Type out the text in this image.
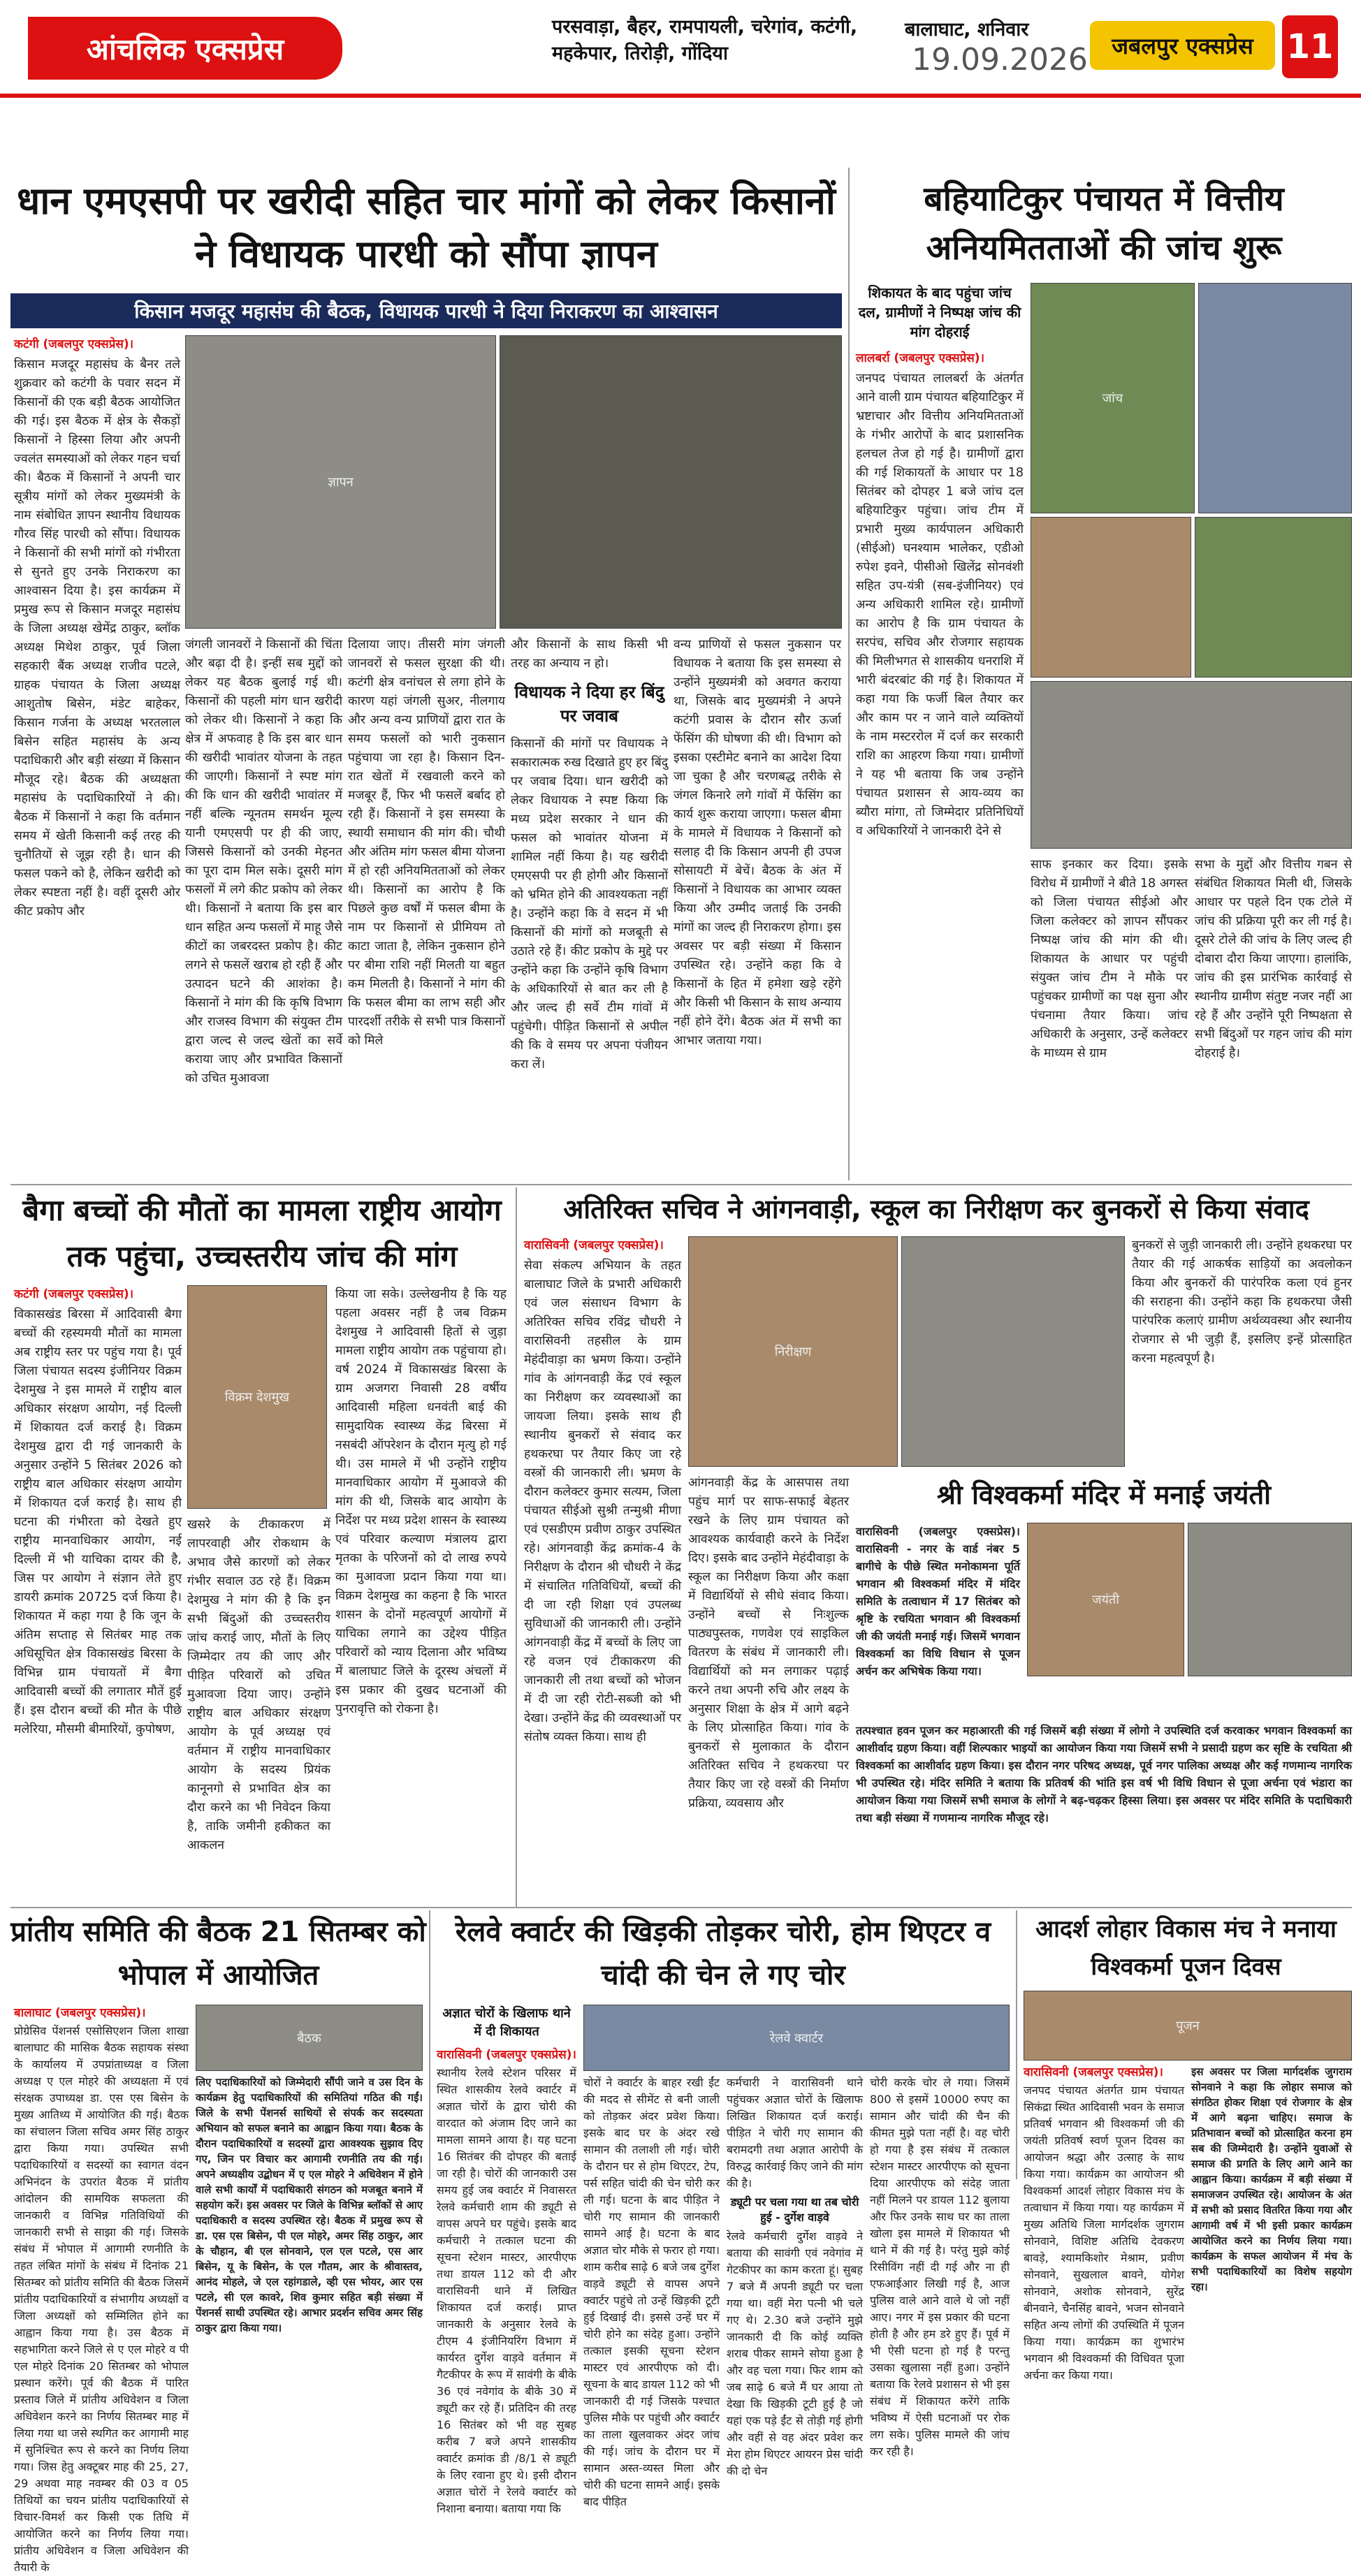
आंचलिक एक्सप्रेस
परसवाड़ा, बैहर, रामपायली, चरेगांव, कटंगी, महकेपार, तिरोड़ी, गोंदिया
बालाघाट, शनिवार
19.09.2026	जबलपुर एक्सप्रेस 11
धान एमएसपी पर खरीदी सहित चार मांगों को लेकर किसानों ने विधायक पारधी को सौंपा ज्ञापन
किसान मजदूर महासंघ की बैठक, विधायक पारधी ने दिया निराकरण का आश्वासन
कटंगी (जबलपुर एक्सप्रेस)।
किसान मजदूर महासंघ के बैनर तले शुक्रवार को कटंगी के पवार सदन में किसानों की एक बड़ी बैठक आयोजित की गई। इस बैठक में क्षेत्र के सैकड़ों किसानों ने हिस्सा लिया और अपनी ज्वलंत समस्याओं को लेकर गहन चर्चा की। बैठक में किसानों ने अपनी चार सूत्रीय मांगों को लेकर मुख्यमंत्री के नाम संबोधित ज्ञापन स्थानीय विधायक गौरव सिंह पारधी को सौंपा। विधायक ने किसानों की सभी मांगों को गंभीरता से सुनते हुए उनके निराकरण का आश्वासन दिया है। इस कार्यक्रम में प्रमुख रूप से किसान मजदूर महासंघ के जिला अध्यक्ष खेमेंद्र ठाकुर, ब्लॉक अध्यक्ष मिथेश ठाकुर, पूर्व जिला सहकारी बैंक अध्यक्ष राजीव पटले, ग्राहक पंचायत के जिला अध्यक्ष आशुतोष बिसेन, मंडेट बाहेकर, किसान गर्जना के अध्यक्ष भरतलाल बिसेन सहित महासंघ के अन्य पदाधिकारी और बड़ी संख्या में किसान मौजूद रहे। बैठक की अध्यक्षता महासंघ के पदाधिकारियों ने की। बैठक में किसानों ने कहा कि वर्तमान समय में खेती किसानी कई तरह की चुनौतियों से जूझ रही है। धान की फसल पकने को है, लेकिन खरीदी को लेकर स्पष्टता नहीं है। वहीं दूसरी ओर कीट प्रकोप और
ज्ञापन
जंगली जानवरों ने किसानों की चिंता और बढ़ा दी है। इन्हीं सब मुद्दों को लेकर यह बैठक बुलाई गई थी। किसानों की पहली मांग धान खरीदी को लेकर थी। किसानों ने कहा कि क्षेत्र में अफवाह है कि इस बार धान की खरीदी भावांतर योजना के तहत की जाएगी। किसानों ने स्पष्ट मांग की कि धान की खरीदी भावांतर में नहीं बल्कि न्यूनतम समर्थन मूल्य यानी एमएसपी पर ही की जाए, जिससे किसानों को उनकी मेहनत का पूरा दाम मिल सके। दूसरी मांग फसलों में लगे कीट प्रकोप को लेकर थी। किसानों ने बताया कि इस बार धान सहित अन्य फसलों में माहू जैसे कीटों का जबरदस्त प्रकोप है। कीट लगने से फसलें खराब हो रही हैं और उत्पादन घटने की आशंका है। किसानों ने मांग की कि कृषि विभाग और राजस्व विभाग की संयुक्त टीम द्वारा जल्द से जल्द खेतों का सर्वे कराया जाए और प्रभावित किसानों को उचित मुआवजा
दिलाया जाए। तीसरी मांग जंगली जानवरों से फसल सुरक्षा की थी। कटंगी क्षेत्र वनांचल से लगा होने के कारण यहां जंगली सुअर, नीलगाय और अन्य वन्य प्राणियों द्वारा रात के समय फसलों को भारी नुकसान पहुंचाया जा रहा है। किसान दिन-रात खेतों में रखवाली करने को मजबूर हैं, फिर भी फसलें बर्बाद हो रही हैं। किसानों ने इस समस्या के स्थायी समाधान की मांग की। चौथी और अंतिम मांग फसल बीमा योजना में हो रही अनियमितताओं को लेकर थी। किसानों का आरोप है कि पिछले कुछ वर्षों में फसल बीमा के नाम पर किसानों से प्रीमियम तो काटा जाता है, लेकिन नुकसान होने पर बीमा राशि नहीं मिलती या बहुत कम मिलती है। किसानों ने मांग की कि फसल बीमा का लाभ सही और पारदर्शी तरीके से सभी पात्र किसानों को मिले
और किसानों के साथ किसी भी तरह का अन्याय न हो।
विधायक ने दिया हर बिंदु पर जवाब
किसानों की मांगों पर विधायक ने सकारात्मक रुख दिखाते हुए हर बिंदु पर जवाब दिया। धान खरीदी को लेकर विधायक ने स्पष्ट किया कि मध्य प्रदेश सरकार ने धान की फसल को भावांतर योजना में शामिल नहीं किया है। यह खरीदी एमएसपी पर ही होगी और किसानों को भ्रमित होने की आवश्यकता नहीं है। उन्होंने कहा कि वे सदन में भी किसानों की मांगों को मजबूती से उठाते रहे हैं। कीट प्रकोप के मुद्दे पर उन्होंने कहा कि उन्होंने कृषि विभाग के अधिकारियों से बात कर ली है और जल्द ही सर्वे टीम गांवों में पहुंचेगी। पीड़ित किसानों से अपील की कि वे समय पर अपना पंजीयन करा लें।
वन्य प्राणियों से फसल नुकसान पर विधायक ने बताया कि इस समस्या से उन्होंने मुख्यमंत्री को अवगत कराया था, जिसके बाद मुख्यमंत्री ने अपने कटंगी प्रवास के दौरान सौर ऊर्जा फेंसिंग की घोषणा की थी। विभाग को इसका एस्टीमेट बनाने का आदेश दिया जा चुका है और चरणबद्ध तरीके से जंगल किनारे लगे गांवों में फेंसिंग का कार्य शुरू कराया जाएगा। फसल बीमा के मामले में विधायक ने किसानों को सलाह दी कि किसान अपनी ही उपज सोसायटी में बेचें। बैठक के अंत में किसानों ने विधायक का आभार व्यक्त किया और उम्मीद जताई कि उनकी मांगों का जल्द ही निराकरण होगा। इस अवसर पर बड़ी संख्या में किसान उपस्थित रहे। उन्होंने कहा कि वे किसानों के हित में हमेशा खड़े रहेंगे और किसी भी किसान के साथ अन्याय नहीं होने देंगे। बैठक अंत में सभी का आभार जताया गया।
बहियाटिकुर पंचायत में वित्तीय अनियमितताओं की जांच शुरू
शिकायत के बाद पहुंचा जांच दल, ग्रामीणों ने निष्पक्ष जांच की मांग दोहराई
लालबर्रा (जबलपुर एक्सप्रेस)।
जनपद पंचायत लालबर्रा के अंतर्गत आने वाली ग्राम पंचायत बहियाटिकुर में भ्रष्टाचार और वित्तीय अनियमितताओं के गंभीर आरोपों के बाद प्रशासनिक हलचल तेज हो गई है। ग्रामीणों द्वारा की गई शिकायतों के आधार पर 18 सितंबर को दोपहर 1 बजे जांच दल बहियाटिकुर पहुंचा। जांच टीम में प्रभारी मुख्य कार्यपालन अधिकारी (सीईओ) घनश्याम भालेकर, एडीओ रुपेश इवने, पीसीओ खिलेंद्र सोनवंशी सहित उप-यंत्री (सब-इंजीनियर) एवं अन्य अधिकारी शामिल रहे। ग्रामीणों का आरोप है कि ग्राम पंचायत के सरपंच, सचिव और रोजगार सहायक की मिलीभगत से शासकीय धनराशि में भारी बंदरबांट की गई है। शिकायत में कहा गया कि फर्जी बिल तैयार कर और काम पर न जाने वाले व्यक्तियों के नाम मस्टररोल में दर्ज कर सरकारी राशि का आहरण किया गया। ग्रामीणों ने यह भी बताया कि जब उन्होंने पंचायत प्रशासन से आय-व्यय का ब्यौरा मांगा, तो जिम्मेदार प्रतिनिधियों व अधिकारियों ने जानकारी देने से
जांच
साफ इनकार कर दिया। इसके विरोध में ग्रामीणों ने बीते 18 अगस्त को जिला पंचायत सीईओ और जिला कलेक्टर को ज्ञापन सौंपकर निष्पक्ष जांच की मांग की थी। शिकायत के आधार पर पहुंची संयुक्त जांच टीम ने मौके पर पहुंचकर ग्रामीणों का पक्ष सुना और पंचनामा तैयार किया। जांच अधिकारी के अनुसार, उन्हें कलेक्टर के माध्यम से ग्राम
सभा के मुद्दों और वित्तीय गबन से संबंधित शिकायत मिली थी, जिसके आधार पर पहले दिन एक टोले में जांच की प्रक्रिया पूरी कर ली गई है। दूसरे टोले की जांच के लिए जल्द ही दोबारा दौरा किया जाएगा। हालांकि, जांच की इस प्रारंभिक कार्रवाई से स्थानीय ग्रामीण संतुष्ट नजर नहीं आ रहे हैं और उन्होंने पूरी निष्पक्षता से सभी बिंदुओं पर गहन जांच की मांग दोहराई है।
बैगा बच्चों की मौतों का मामला राष्ट्रीय आयोग तक पहुंचा, उच्चस्तरीय जांच की मांग
कटंगी (जबलपुर एक्सप्रेस)।
विकासखंड बिरसा में आदिवासी बैगा बच्चों की रहस्यमयी मौतों का मामला अब राष्ट्रीय स्तर पर पहुंच गया है। पूर्व जिला पंचायत सदस्य इंजीनियर विक्रम देशमुख ने इस मामले में राष्ट्रीय बाल अधिकार संरक्षण आयोग, नई दिल्ली में शिकायत दर्ज कराई है। विक्रम देशमुख द्वारा दी गई जानकारी के अनुसार उन्होंने 5 सितंबर 2026 को राष्ट्रीय बाल अधिकार संरक्षण आयोग में शिकायत दर्ज कराई है। साथ ही घटना की गंभीरता को देखते हुए राष्ट्रीय मानवाधिकार आयोग, नई दिल्ली में भी याचिका दायर की है, जिस पर आयोग ने संज्ञान लेते हुए डायरी क्रमांक 20725 दर्ज किया है। शिकायत में कहा गया है कि जून के अंतिम सप्ताह से सितंबर माह तक अधिसूचित क्षेत्र विकासखंड बिरसा के विभिन्न ग्राम पंचायतों में बैगा आदिवासी बच्चों की लगातार मौतें हुई हैं। इस दौरान बच्चों की मौत के पीछे मलेरिया, मौसमी बीमारियों, कुपोषण,
विक्रम देशमुख
खसरे के टीकाकरण में लापरवाही और रोकथाम के अभाव जैसे कारणों को लेकर गंभीर सवाल उठ रहे हैं। विक्रम देशमुख ने मांग की है कि इन सभी बिंदुओं की उच्चस्तरीय जांच कराई जाए, मौतों के लिए जिम्मेदार तय की जाए और पीड़ित परिवारों को उचित मुआवजा दिया जाए। उन्होंने राष्ट्रीय बाल अधिकार संरक्षण आयोग के पूर्व अध्यक्ष एवं वर्तमान में राष्ट्रीय मानवाधिकार आयोग के सदस्य प्रियंक कानूनगो से प्रभावित क्षेत्र का दौरा करने का भी निवेदन किया है, ताकि जमीनी हकीकत का आकलन
किया जा सके। उल्लेखनीय है कि यह पहला अवसर नहीं है जब विक्रम देशमुख ने आदिवासी हितों से जुड़ा मामला राष्ट्रीय आयोग तक पहुंचाया हो। वर्ष 2024 में विकासखंड बिरसा के ग्राम अजगरा निवासी 28 वर्षीय आदिवासी महिला धनवंती बाई की सामुदायिक स्वास्थ्य केंद्र बिरसा में नसबंदी ऑपरेशन के दौरान मृत्यु हो गई थी। उस मामले में भी उन्होंने राष्ट्रीय मानवाधिकार आयोग में मुआवजे की मांग की थी, जिसके बाद आयोग के निर्देश पर मध्य प्रदेश शासन के स्वास्थ्य एवं परिवार कल्याण मंत्रालय द्वारा मृतका के परिजनों को दो लाख रुपये का मुआवजा प्रदान किया गया था। विक्रम देशमुख का कहना है कि भारत शासन के दोनों महत्वपूर्ण आयोगों में याचिका लगाने का उद्देश्य पीड़ित परिवारों को न्याय दिलाना और भविष्य में बालाघाट जिले के दूरस्थ अंचलों में इस प्रकार की दुखद घटनाओं की पुनरावृत्ति को रोकना है।
अतिरिक्त सचिव ने आंगनवाड़ी, स्कूल का निरीक्षण कर बुनकरों से किया संवाद
वारासिवनी (जबलपुर एक्सप्रेस)।
सेवा संकल्प अभियान के तहत बालाघाट जिले के प्रभारी अधिकारी एवं जल संसाधन विभाग के अतिरिक्त सचिव रविंद्र चौधरी ने वारासिवनी तहसील के ग्राम मेहंदीवाड़ा का भ्रमण किया। उन्होंने गांव के आंगनवाड़ी केंद्र एवं स्कूल का निरीक्षण कर व्यवस्थाओं का जायजा लिया। इसके साथ ही स्थानीय बुनकरों से संवाद कर हथकरघा पर तैयार किए जा रहे वस्त्रों की जानकारी ली। भ्रमण के दौरान कलेक्टर कुमार सत्यम, जिला पंचायत सीईओ सुश्री तन्मुश्री मीणा एवं एसडीएम प्रवीण ठाकुर उपस्थित रहे। आंगनवाड़ी केंद्र क्रमांक-4 के निरीक्षण के दौरान श्री चौधरी ने केंद्र में संचालित गतिविधियों, बच्चों की दी जा रही शिक्षा एवं उपलब्ध सुविधाओं की जानकारी ली। उन्होंने आंगनवाड़ी केंद्र में बच्चों के लिए जा रहे वजन एवं टीकाकरण की जानकारी ली तथा बच्चों को भोजन में दी जा रही रोटी-सब्जी को भी देखा। उन्होंने केंद्र की व्यवस्थाओं पर संतोष व्यक्त किया। साथ ही
निरीक्षण
बुनकरों से जुड़ी जानकारी ली। उन्होंने हथकरघा पर तैयार की गई आकर्षक साड़ियों का अवलोकन किया और बुनकरों की पारंपरिक कला एवं हुनर की सराहना की। उन्होंने कहा कि हथकरघा जैसी पारंपरिक कलाएं ग्रामीण अर्थव्यवस्था और स्थानीय रोजगार से भी जुड़ी हैं, इसलिए इन्हें प्रोत्साहित करना महत्वपूर्ण है।
आंगनवाड़ी केंद्र के आसपास तथा पहुंच मार्ग पर साफ-सफाई बेहतर रखने के लिए ग्राम पंचायत को आवश्यक कार्यवाही करने के निर्देश दिए। इसके बाद उन्होंने मेहंदीवाड़ा के स्कूल का निरीक्षण किया और कक्षा में विद्यार्थियों से सीधे संवाद किया। उन्होंने बच्चों से निःशुल्क पाठ्यपुस्तक, गणवेश एवं साइकिल वितरण के संबंध में जानकारी ली। विद्यार्थियों को मन लगाकर पढ़ाई करने तथा अपनी रुचि और लक्ष्य के अनुसार शिक्षा के क्षेत्र में आगे बढ़ने के लिए प्रोत्साहित किया। गांव के बुनकरों से मुलाकात के दौरान अतिरिक्त सचिव ने हथकरघा पर तैयार किए जा रहे वस्त्रों की निर्माण प्रक्रिया, व्यवसाय और
श्री विश्वकर्मा मंदिर में मनाई जयंती
वारासिवनी (जबलपुर एक्सप्रेस)। वारासिवनी - नगर के वार्ड नंबर 5 बागीचे के पीछे स्थित मनोकामना पूर्ति भगवान श्री विश्वकर्मा मंदिर में मंदिर समिति के तत्वाधान में 17 सितंबर को श्रृष्टि के रचयिता भगवान श्री विश्वकर्मा जी की जयंती मनाई गई। जिसमें भगवान विश्वकर्मा का विधि विधान से पूजन अर्चन कर अभिषेक किया गया।
जयंती
तत्पश्चात हवन पूजन कर महाआरती की गई जिसमें बड़ी संख्या में लोगो ने उपस्थिति दर्ज करवाकर भगवान विश्वकर्मा का आशीर्वाद ग्रहण किया। वहीं शिल्पकार भाइयों का आयोजन किया गया जिसमें सभी ने प्रसादी ग्रहण कर सृष्टि के रचयिता श्री विश्वकर्मा का आशीर्वाद ग्रहण किया। इस दौरान नगर परिषद अध्यक्ष, पूर्व नगर पालिका अध्यक्ष और कई गणमान्य नागरिक भी उपस्थित रहे। मंदिर समिति ने बताया कि प्रतिवर्ष की भांति इस वर्ष भी विधि विधान से पूजा अर्चना एवं भंडारा का आयोजन किया गया जिसमें सभी समाज के लोगों ने बढ़-चढ़कर हिस्सा लिया। इस अवसर पर मंदिर समिति के पदाधिकारी तथा बड़ी संख्या में गणमान्य नागरिक मौजूद रहे।
प्रांतीय समिति की बैठक 21 सितम्बर को भोपाल में आयोजित
बालाघाट (जबलपुर एक्सप्रेस)।
प्रोग्रेसिव पेंशनर्स एसोसिएशन जिला शाखा बालाघाट की मासिक बैठक सहायक संस्था के कार्यालय में उपप्रांताध्यक्ष व जिला अध्यक्ष ए एल मोहरे की अध्यक्षता में एवं संरक्षक उपाध्यक्ष डा. एस एस बिसेन के मुख्य आतिथ्य में आयोजित की गई। बैठक का संचालन जिला सचिव अमर सिंह ठाकुर द्वारा किया गया। उपस्थित सभी पदाधिकारियों व सदस्यों का स्वागत वंदन अभिनंदन के उपरांत बैठक में प्रांतीय आंदोलन की सामयिक सफलता की जानकारी व विभिन्न गतिविधियों की जानकारी सभी से साझा की गई। जिसके संबंध में भोपाल में आगामी रणनीति के तहत लंबित मांगों के संबंध में दिनांक 21 सितम्बर को प्रांतीय समिति की बैठक जिसमें प्रांतीय पदाधिकारियों व संभागीय अध्यक्षों व जिला अध्यक्षों को सम्मिलित होने का आह्वान किया गया है। उस बैठक में सहभागिता करने जिले से ए एल मोहरे व पी एल मोहरे दिनांक 20 सितम्बर को भोपाल प्रस्थान करेंगे। पूर्व की बैठक में पारित प्रस्ताव जिले में प्रांतीय अधिवेशन व जिला अधिवेशन करने का निर्णय सितम्बर माह में लिया गया था जसे स्थगित कर आगामी माह में सुनिश्चित रूप से करने का निर्णय लिया गया। जिस हेतु अक्टूबर माह की 25, 27, 29 अथवा माह नवम्बर की 03 व 05 तिथियों का चयन प्रांतीय पदाधिकारियों से विचार-विमर्श कर किसी एक तिथि में आयोजित करने का निर्णय लिया गया। प्रांतीय अधिवेशन व जिला अधिवेशन की तैयारी के
बैठक
लिए पदाधिकारियों को जिम्मेदारी सौंपी जाने व उस दिन के कार्यक्रम हेतु पदाधिकारियों की समितियां गठित की गईं। जिले के सभी पेंशनर्स साथियों से संपर्क कर सदस्यता अभियान को सफल बनाने का आह्वान किया गया। बैठक के दौरान पदाधिकारियों व सदस्यों द्वारा आवश्यक सुझाव दिए गए, जिन पर विचार कर आगामी रणनीति तय की गई। अपने अध्यक्षीय उद्बोधन में ए एल मोहरे ने अधिवेशन में होने वाले सभी कार्यों में पदाधिकारी संगठन को मजबूत बनाने में सहयोग करें। इस अवसर पर जिले के विभिन्न ब्लॉकों से आए पदाधिकारी व सदस्य उपस्थित रहे। बैठक में प्रमुख रूप से डा. एस एस बिसेन, पी एल मोहरे, अमर सिंह ठाकुर, आर के चौहान, बी एल सोनवाने, एल एल पटले, एस आर बिसेन, यू के बिसेन, के एल गौतम, आर के श्रीवास्तव, आनंद मोहले, जे एल रहांगडाले, व्ही एस भोयर, आर एस पटले, सी एल कावरे, शिव कुमार सहित बड़ी संख्या में पेंशनर्स साथी उपस्थित रहे। आभार प्रदर्शन सचिव अमर सिंह ठाकुर द्वारा किया गया।
रेलवे क्वार्टर की खिड़की तोड़कर चोरी, होम थिएटर व चांदी की चेन ले गए चोर
अज्ञात चोरों के खिलाफ थाने में दी शिकायत
वारासिवनी (जबलपुर एक्सप्रेस)।
स्थानीय रेलवे स्टेशन परिसर में स्थित शासकीय रेलवे क्वार्टर में अज्ञात चोरों के द्वारा चोरी की वारदात को अंजाम दिए जाने का मामला सामने आया है। यह घटना 16 सितंबर की दोपहर की बताई जा रही है। चोरों की जानकारी उस समय हुई जब क्वार्टर में निवासरत रेलवे कर्मचारी शाम की ड्यूटी से वापस अपने घर पहुंचे। इसके बाद कर्मचारी ने तत्काल घटना की सूचना स्टेशन मास्टर, आरपीएफ तथा डायल 112 को दी और वारासिवनी थाने में लिखित शिकायत दर्ज कराई। प्राप्त जानकारी के अनुसार रेलवे के टीएम 4 इंजीनियरिंग विभाग में कार्यरत दुर्गेश वाड़वे वर्तमान में गैटकीपर के रूप में सावंगी के बीके 36 एवं नवेगांव के बीके 30 में ड्यूटी कर रहे हैं। प्रतिदिन की तरह 16 सितंबर को भी वह सुबह करीब 7 बजे अपने शासकीय क्वार्टर क्रमांक डी /8/1 से ड्यूटी के लिए रवाना हुए थे। इसी दौरान अज्ञात चोरों ने रेलवे क्वार्टर को निशाना बनाया। बताया गया कि
रेलवे क्वार्टर
चोरों ने क्वार्टर के बाहर रखी ईंट की मदद से सीमेंट से बनी जाली को तोड़कर अंदर प्रवेश किया। इसके बाद घर के अंदर रखे सामान की तलाशी ली गई। चोरी के दौरान घर से होम थिएटर, टेप, पर्स सहित चांदी की चेन चोरी कर ली गई। घटना के बाद पीड़ित ने चोरी गए सामान की जानकारी सामने आई है। घटना के बाद अज्ञात चोर मौके से फरार हो गया। शाम करीब साढ़े 6 बजे जब दुर्गेश वाड़वे ड्यूटी से वापस अपने क्वार्टर पहुंचे तो उन्हें खिड़की टूटी हुई दिखाई दी। इससे उन्हें घर में चोरी होने का संदेह हुआ। उन्होंने तत्काल इसकी सूचना स्टेशन मास्टर एवं आरपीएफ को दी। सूचना के बाद डायल 112 को भी जानकारी दी गई जिसके पश्चात पुलिस मौके पर पहुंची और क्वार्टर का ताला खुलवाकर अंदर जांच की गई। जांच के दौरान घर में सामान अस्त-व्यस्त मिला और चोरी की घटना सामने आई। इसके बाद पीड़ित
कर्मचारी ने वारासिवनी थाने पहुंचकर अज्ञात चोरों के खिलाफ लिखित शिकायत दर्ज कराई। पीड़ित ने चोरी गए सामान की बरामदगी तथा अज्ञात आरोपी के विरुद्ध कार्रवाई किए जाने की मांग की है।
ड्यूटी पर चला गया था तब चोरी हुई - दुर्गेश वाड़वे
रेलवे कर्मचारी दुर्गेश वाड़वे ने बताया की सावंगी एवं नवेगांव में गेटकीपर का काम करता हूं। सुबह 7 बजे मैं अपनी ड्यूटी पर चला गया था। वहीं मेरा पत्नी भी चले गए थे। 2.30 बजे उन्होंने मुझे जानकारी दी कि कोई व्यक्ति शराब पीकर सामने सोया हुआ है और वह चला गया। फिर शाम को जब साढ़े 6 बजे मैं घर आया तो देखा कि खिड़की टूटी हुई है जो यहां एक पड़े ईंट से तोड़ी गई होगी और वहीं से वह अंदर प्रवेश कर मेरा होम थिएटर आयरन प्रेस चांदी की दो चेन
चोरी करके चोर ले गया। जिसमें 800 से इसमें 10000 रुपए का सामान और चांदी की चैन की कीमत मुझे पता नहीं है। वह चोरी हो गया है इस संबंध में तत्काल स्टेशन मास्टर आरपीएफ को सूचना दिया आरपीएफ को संदेह जाता नहीं मिलने पर डायल 112 बुलाया और फिर उनके साथ घर का ताला खोला इस मामले में शिकायत भी थाने में की गई है। परंतु मुझे कोई रिसीविंग नहीं दी गई और ना ही एफआईआर लिखी गई है, आज पुलिस वाले आने वाले थे जो नहीं आए। नगर में इस प्रकार की घटना होती है और हम डरे हुए हैं। पूर्व में भी ऐसी घटना हो गई है परन्तु उसका खुलासा नहीं हुआ। उन्होंने बताया कि रेलवे प्रशासन से भी इस संबंध में शिकायत करेंगे ताकि भविष्य में ऐसी घटनाओं पर रोक लग सके। पुलिस मामले की जांच कर रही है।
आदर्श लोहार विकास मंच ने मनाया विश्वकर्मा पूजन दिवस
पूजन
वारासिवनी (जबलपुर एक्सप्रेस)।
जनपद पंचायत अंतर्गत ग्राम पंचायत सिकंद्रा स्थित आदिवासी भवन के समाज प्रतिवर्ष भगवान श्री विश्वकर्मा जी की जयंती प्रतिवर्ष स्वर्ण पूजन दिवस का आयोजन श्रद्धा और उत्साह के साथ किया गया। कार्यक्रम का आयोजन श्री विश्वकर्मा आदर्श लोहार विकास मंच के तत्वाधान में किया गया। यह कार्यक्रम में मुख्य अतिथि जिला मार्गदर्शक जुगराम सोनवाने, विशिष्ट अतिथि देवकरण बावड़े, श्यामकिशोर मेश्राम, प्रवीण सोनवाने, सुखलाल बावने, योगेश सोनवाने, अशोक सोनवाने, सुरेंद्र बीनवाने, चैनसिंह बावने, भजन सोनवाने सहित अन्य लोगों की उपस्थिति में पूजन किया गया। कार्यक्रम का शुभारंभ भगवान श्री विश्वकर्मा की विधिवत पूजा अर्चना कर किया गया।
इस अवसर पर जिला मार्गदर्शक जुगराम सोनवाने ने कहा कि लोहार समाज को संगठित होकर शिक्षा एवं रोजगार के क्षेत्र में आगे बढ़ना चाहिए। समाज के प्रतिभावान बच्चों को प्रोत्साहित करना हम सब की जिम्मेदारी है। उन्होंने युवाओं से समाज की प्रगति के लिए आगे आने का आह्वान किया। कार्यक्रम में बड़ी संख्या में समाजजन उपस्थित रहे। आयोजन के अंत में सभी को प्रसाद वितरित किया गया और आगामी वर्ष में भी इसी प्रकार कार्यक्रम आयोजित करने का निर्णय लिया गया। कार्यक्रम के सफल आयोजन में मंच के सभी पदाधिकारियों का विशेष सहयोग रहा।
